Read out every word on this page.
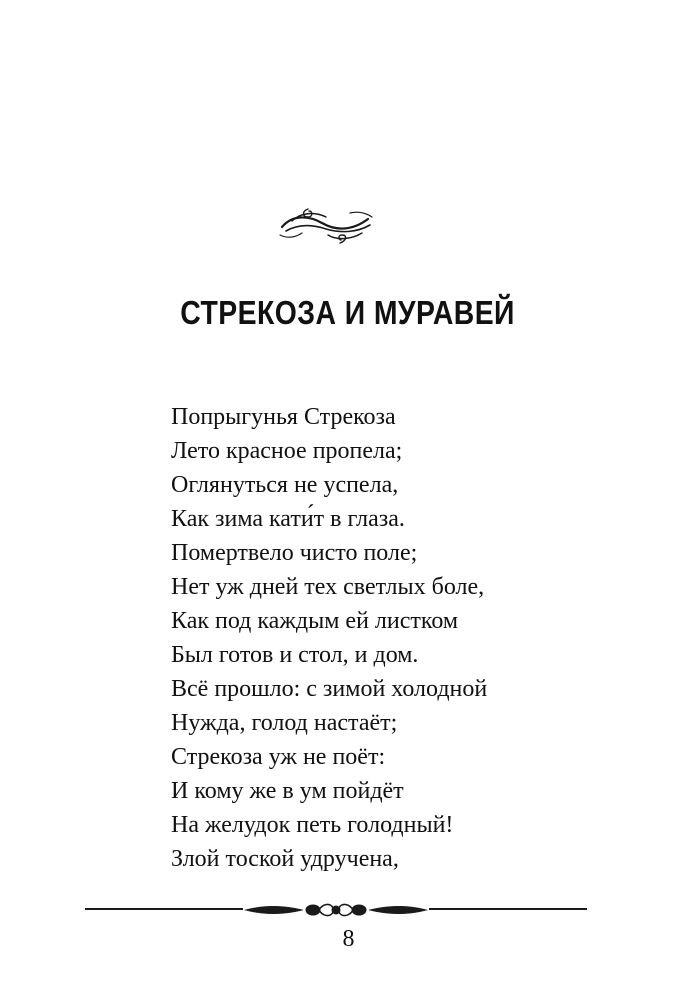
СТРЕКОЗА И МУРАВЕЙ
Попрыгунья Стрекоза
Лето красное пропела;
Оглянуться не успела,
Как зима кати́т в глаза.
Помертвело чисто поле;
Нет уж дней тех светлых боле,
Как под каждым ей листком
Был готов и стол, и дом.
Всё прошло: с зимой холодной
Нужда, голод настаёт;
Стрекоза уж не поёт:
И кому же в ум пойдёт
На желудок петь голодный!
Злой тоской удручена,
8
